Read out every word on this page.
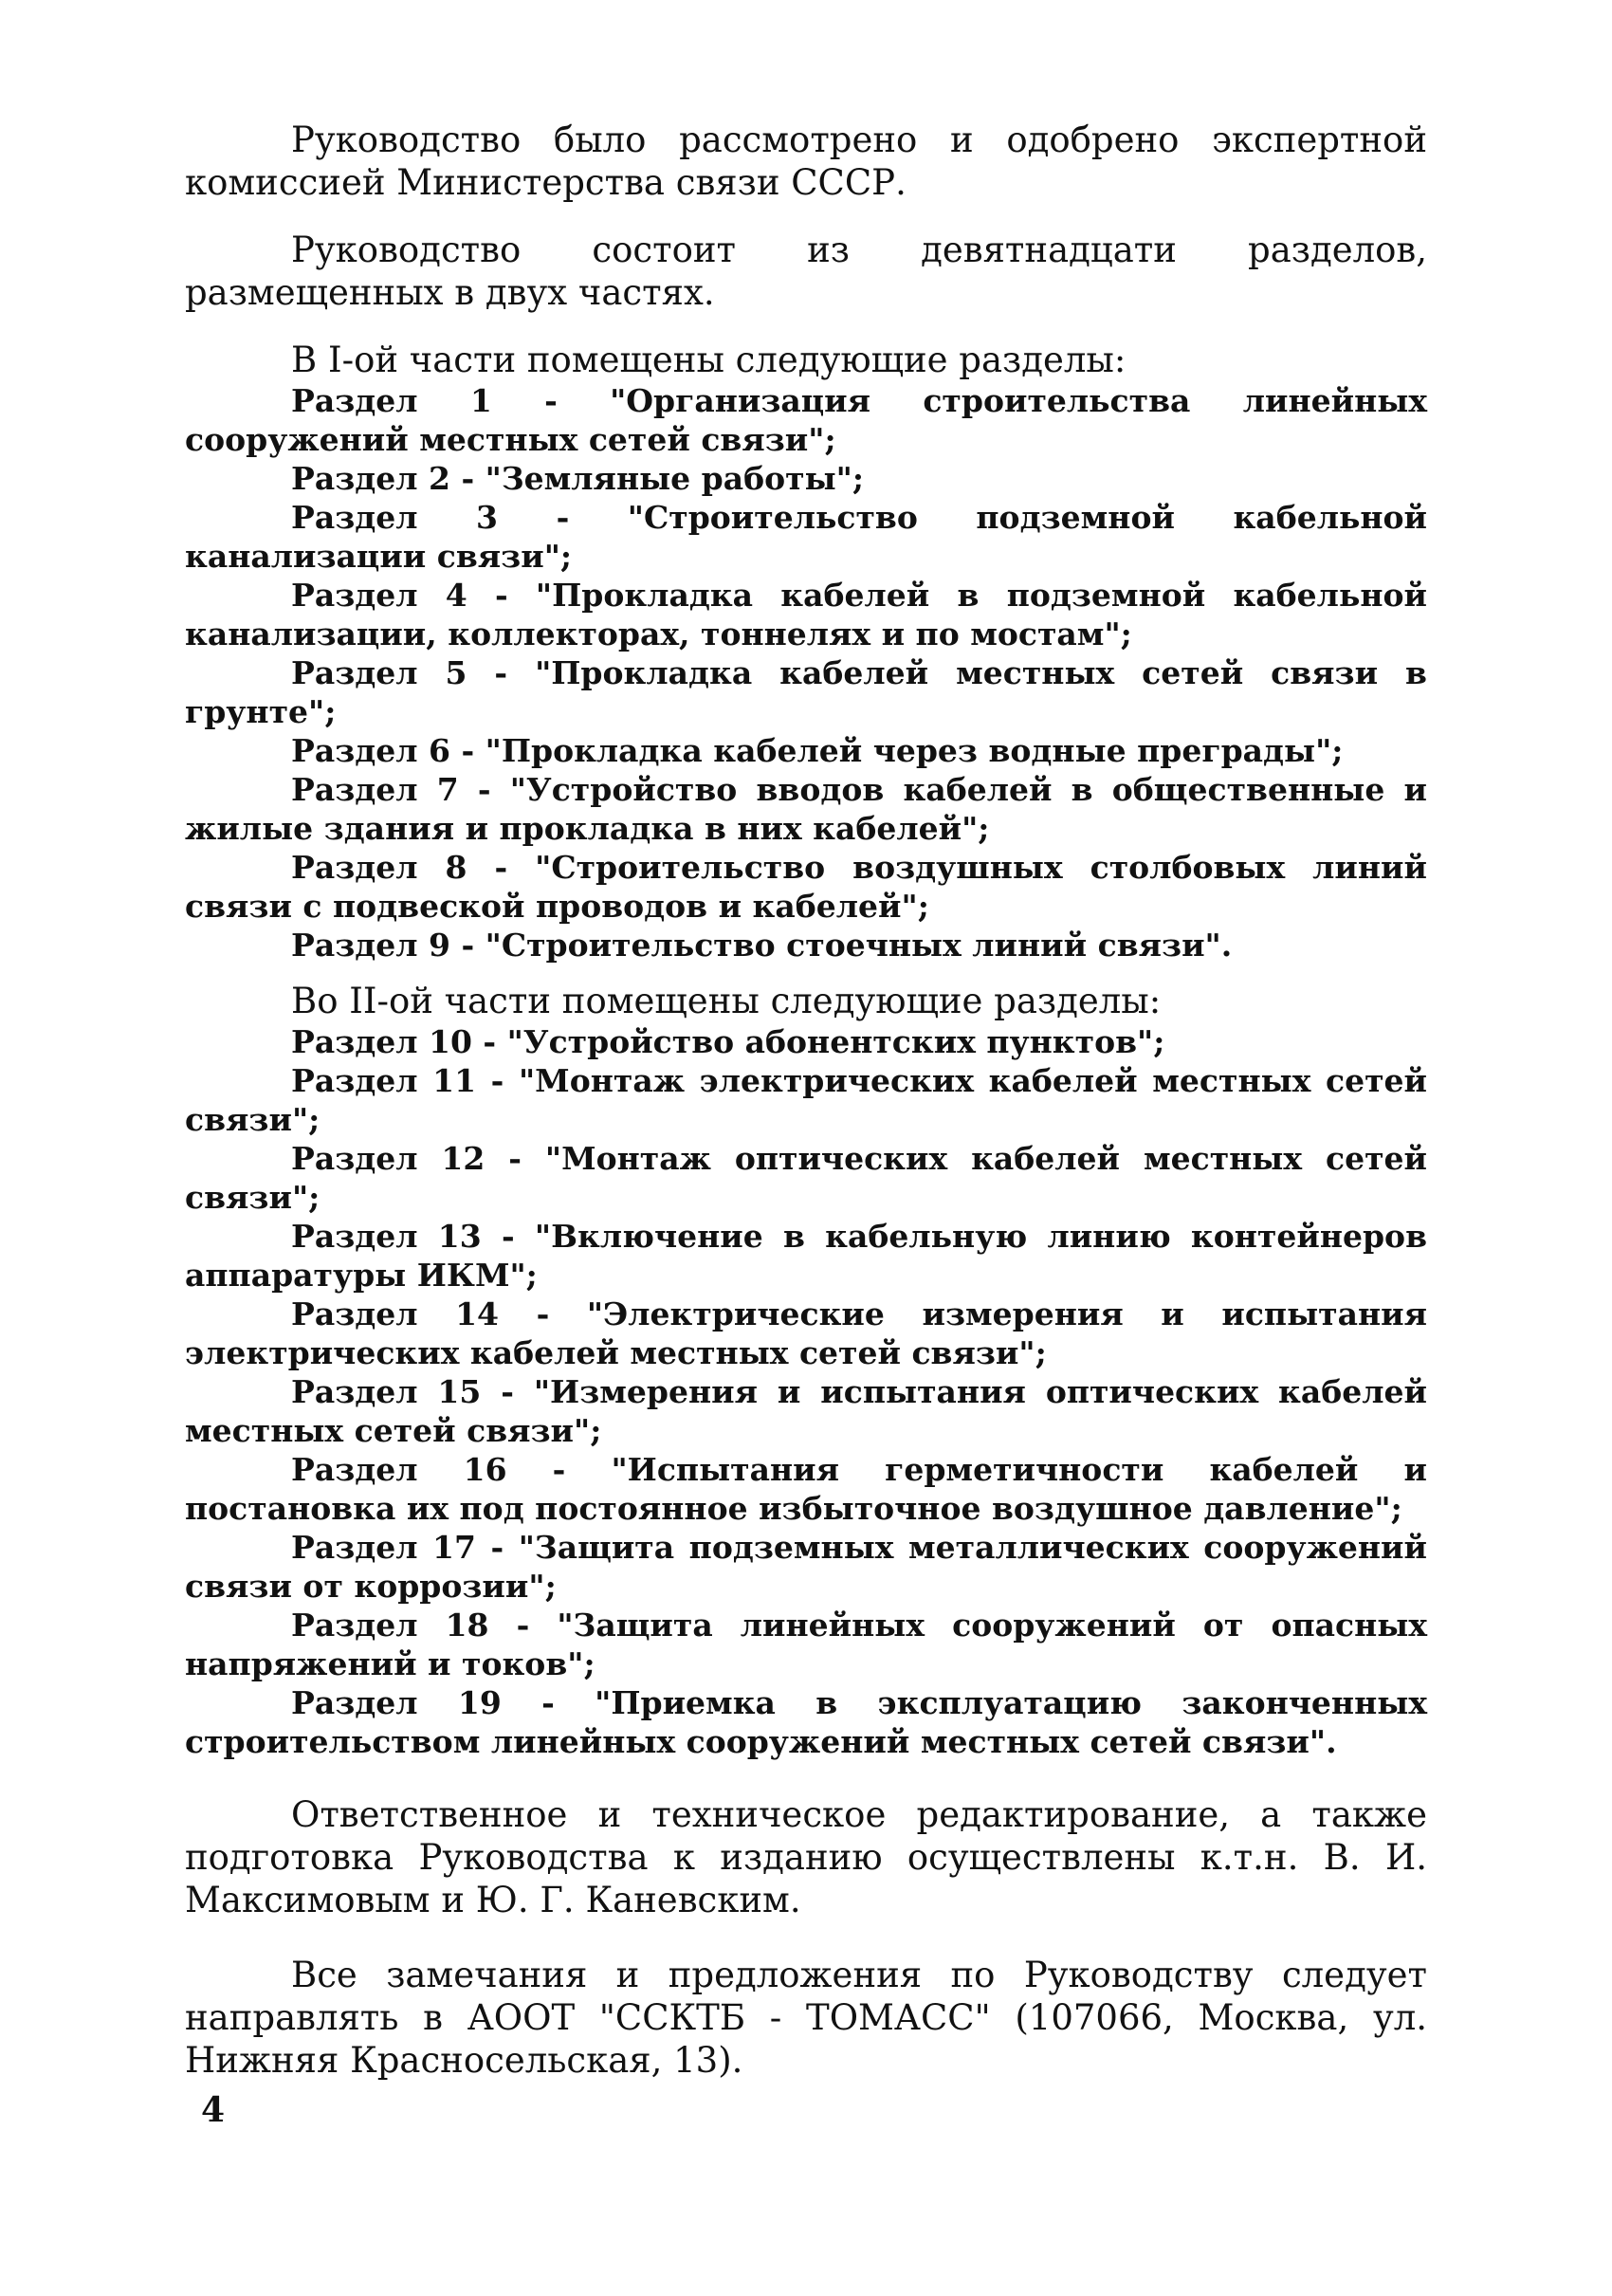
Руководство было рассмотрено и одобрено экспертной комиссией Министерства связи СССР.

Руководство состоит из девятнадцати разделов, размещенных в двух частях.

В I-ой части помещены следующие разделы:

Раздел 1 - "Организация строительства линейных сооружений местных сетей связи";

Раздел 2 - "Земляные работы";

Раздел 3 - "Строительство подземной кабельной канализации связи";

Раздел 4 - "Прокладка кабелей в подземной кабельной канализации, коллекторах, тоннелях и по мостам";

Раздел 5 - "Прокладка кабелей местных сетей связи в грунте";

Раздел 6 - "Прокладка кабелей через водные преграды";

Раздел 7 - "Устройство вводов кабелей в общественные и жилые здания и прокладка в них кабелей";

Раздел 8 - "Строительство воздушных столбовых линий связи с подвеской проводов и кабелей";

Раздел 9 - "Строительство стоечных линий связи".

Во II-ой части помещены следующие разделы:

Раздел 10 - "Устройство абонентских пунктов";

Раздел 11 - "Монтаж электрических кабелей местных сетей связи";

Раздел 12 - "Монтаж оптических кабелей местных сетей связи";

Раздел 13 - "Включение в кабельную линию контейнеров аппаратуры ИКМ";

Раздел 14 - "Электрические измерения и испытания электрических кабелей местных сетей связи";

Раздел 15 - "Измерения и испытания оптических кабелей местных сетей связи";

Раздел 16 - "Испытания герметичности кабелей и постановка их под постоянное избыточное воздушное давление";

Раздел 17 - "Защита подземных металлических сооружений связи от коррозии";

Раздел 18 - "Защита линейных сооружений от опасных напряжений и токов";

Раздел 19 - "Приемка в эксплуатацию законченных строительством линейных сооружений местных сетей связи".

Ответственное и техническое редактирование, а также подготовка Руководства к изданию осуществлены к.т.н. В. И. Максимовым и Ю. Г. Каневским.

Все замечания и предложения по Руководству следует направлять в АООТ "ССКТБ - ТОМАСС" (107066, Москва, ул. Нижняя Красносельская, 13).

4
